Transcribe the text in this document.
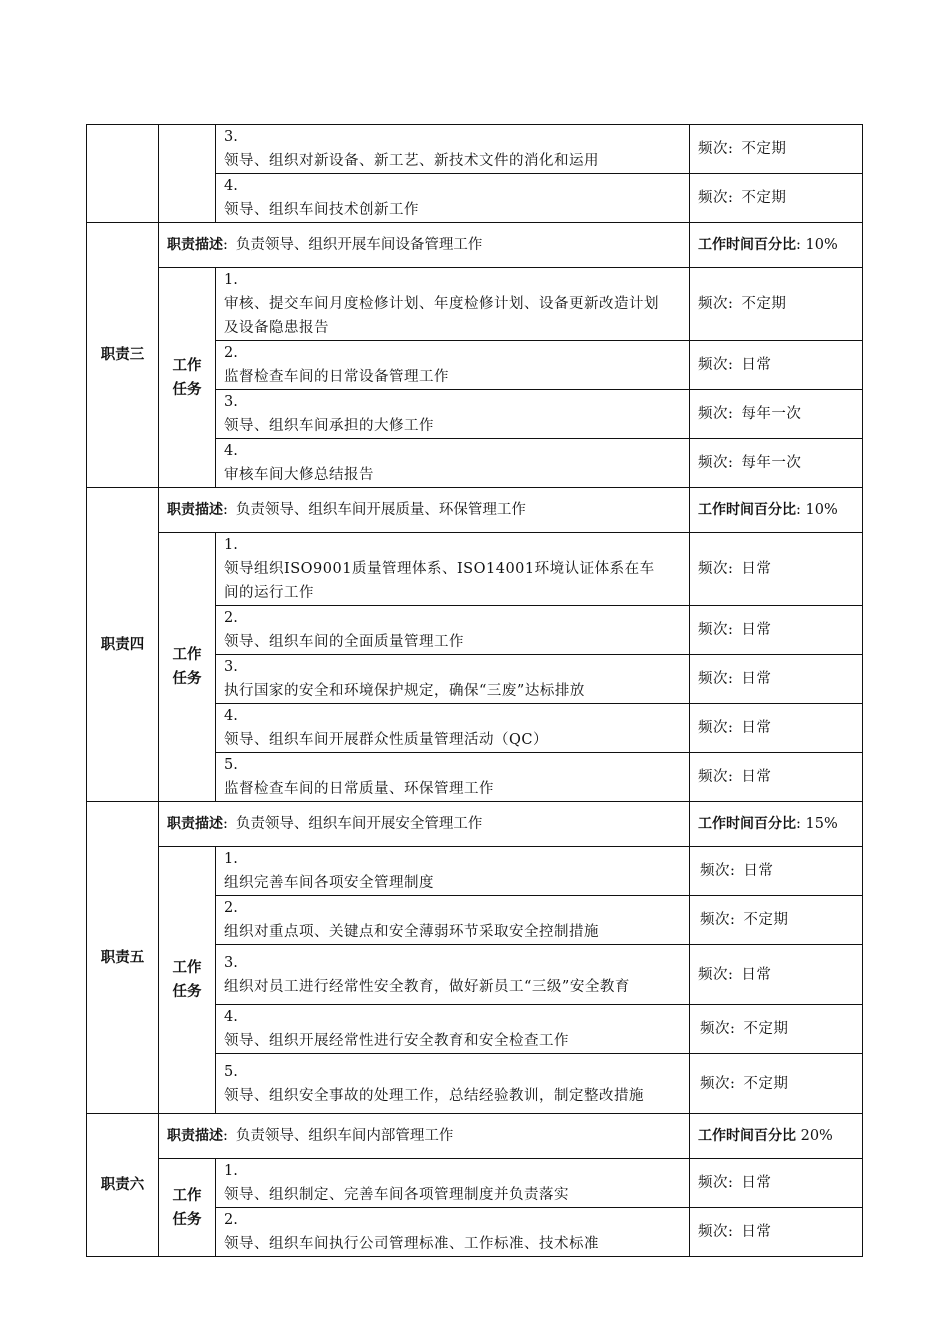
		3.领导、组织对新设备、新工艺、新技术文件的消化和运用	频次: 不定期
		4.领导、组织车间技术创新工作	频次: 不定期
职责三	职责描述: 负责领导、组织开展车间设备管理工作		工作时间百分比: 10%
	工作
任务	1.审核、提交车间月度检修计划、年度检修计划、设备更新改造计划及设备隐患报告	频次: 不定期
		2.监督检查车间的日常设备管理工作	频次: 日常
		3.领导、组织车间承担的大修工作	频次: 每年一次
		4.审核车间大修总结报告	频次: 每年一次
职责四	职责描述: 负责领导、组织车间开展质量、环保管理工作		工作时间百分比: 10%
	工作
任务	1.领导组织ISO9001质量管理体系、ISO14001环境认证体系在车间的运行工作	频次: 日常
		2.领导、组织车间的全面质量管理工作	频次: 日常
		3.执行国家的安全和环境保护规定，确保“三废”达标排放	频次: 日常
		4.领导、组织车间开展群众性质量管理活动（QC）	频次: 日常
		5.监督检查车间的日常质量、环保管理工作	频次: 日常
职责五	职责描述: 负责领导、组织车间开展安全管理工作		工作时间百分比: 15%
	工作
任务	1.组织完善车间各项安全管理制度	频次: 日常
		2.组织对重点项、关键点和安全薄弱环节采取安全控制措施	频次: 不定期
		3.组织对员工进行经常性安全教育，做好新员工“三级”安全教育	频次: 日常
		4.领导、组织开展经常性进行安全教育和安全检查工作	频次: 不定期
		5.领导、组织安全事故的处理工作，总结经验教训，制定整改措施	频次: 不定期
职责六	职责描述: 负责领导、组织车间内部管理工作		工作时间百分比 20%
	工作
任务	1.领导、组织制定、完善车间各项管理制度并负责落实	频次: 日常
		2.领导、组织车间执行公司管理标准、工作标准、技术标准	频次: 日常
